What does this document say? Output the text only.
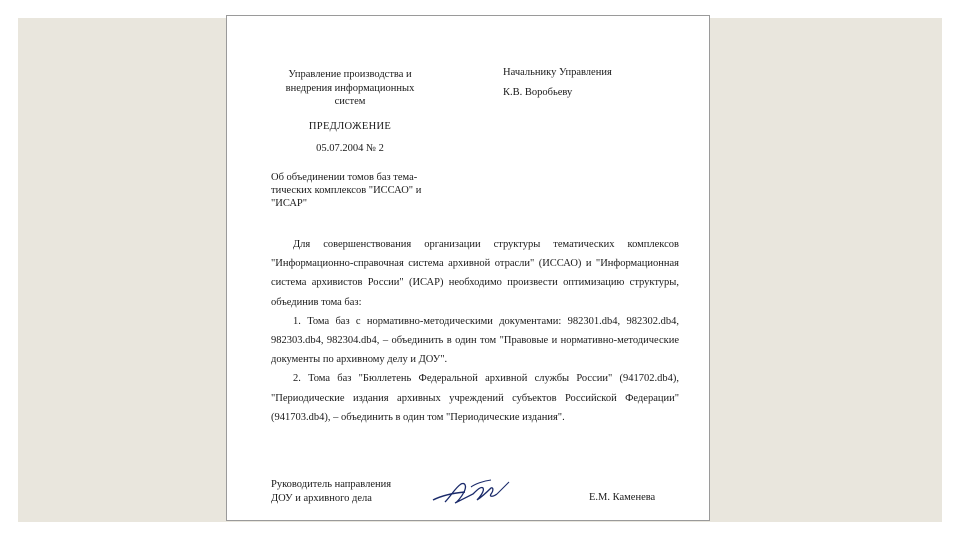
Управление производства и внедрения информационных систем
Начальнику Управления
К.В. Воробьеву
ПРЕДЛОЖЕНИЕ
05.07.2004 № 2
Об объединении томов баз тема-тических комплексов "ИССАО" и "ИСАР"

Для совершенствования организации структуры тематических комплексов "Информационно-справочная система архивной отрасли" (ИССАО) и "Информационная система архивистов России" (ИСАР) необходимо произвести оптимизацию структуры, объединив тома баз:

1. Тома баз с нормативно-методическими документами: 982301.db4, 982302.db4, 982303.db4, 982304.db4, – объединить в один том "Правовые и нормативно-методические документы по архивному делу и ДОУ".

2. Тома баз "Бюллетень Федеральной архивной службы России" (941702.db4), "Периодические издания архивных учреждений субъектов Российской Федерации" (941703.db4), – объединить в один том "Периодические издания".

Руководитель направления
ДОУ и архивного дела	Е.М. Каменева
